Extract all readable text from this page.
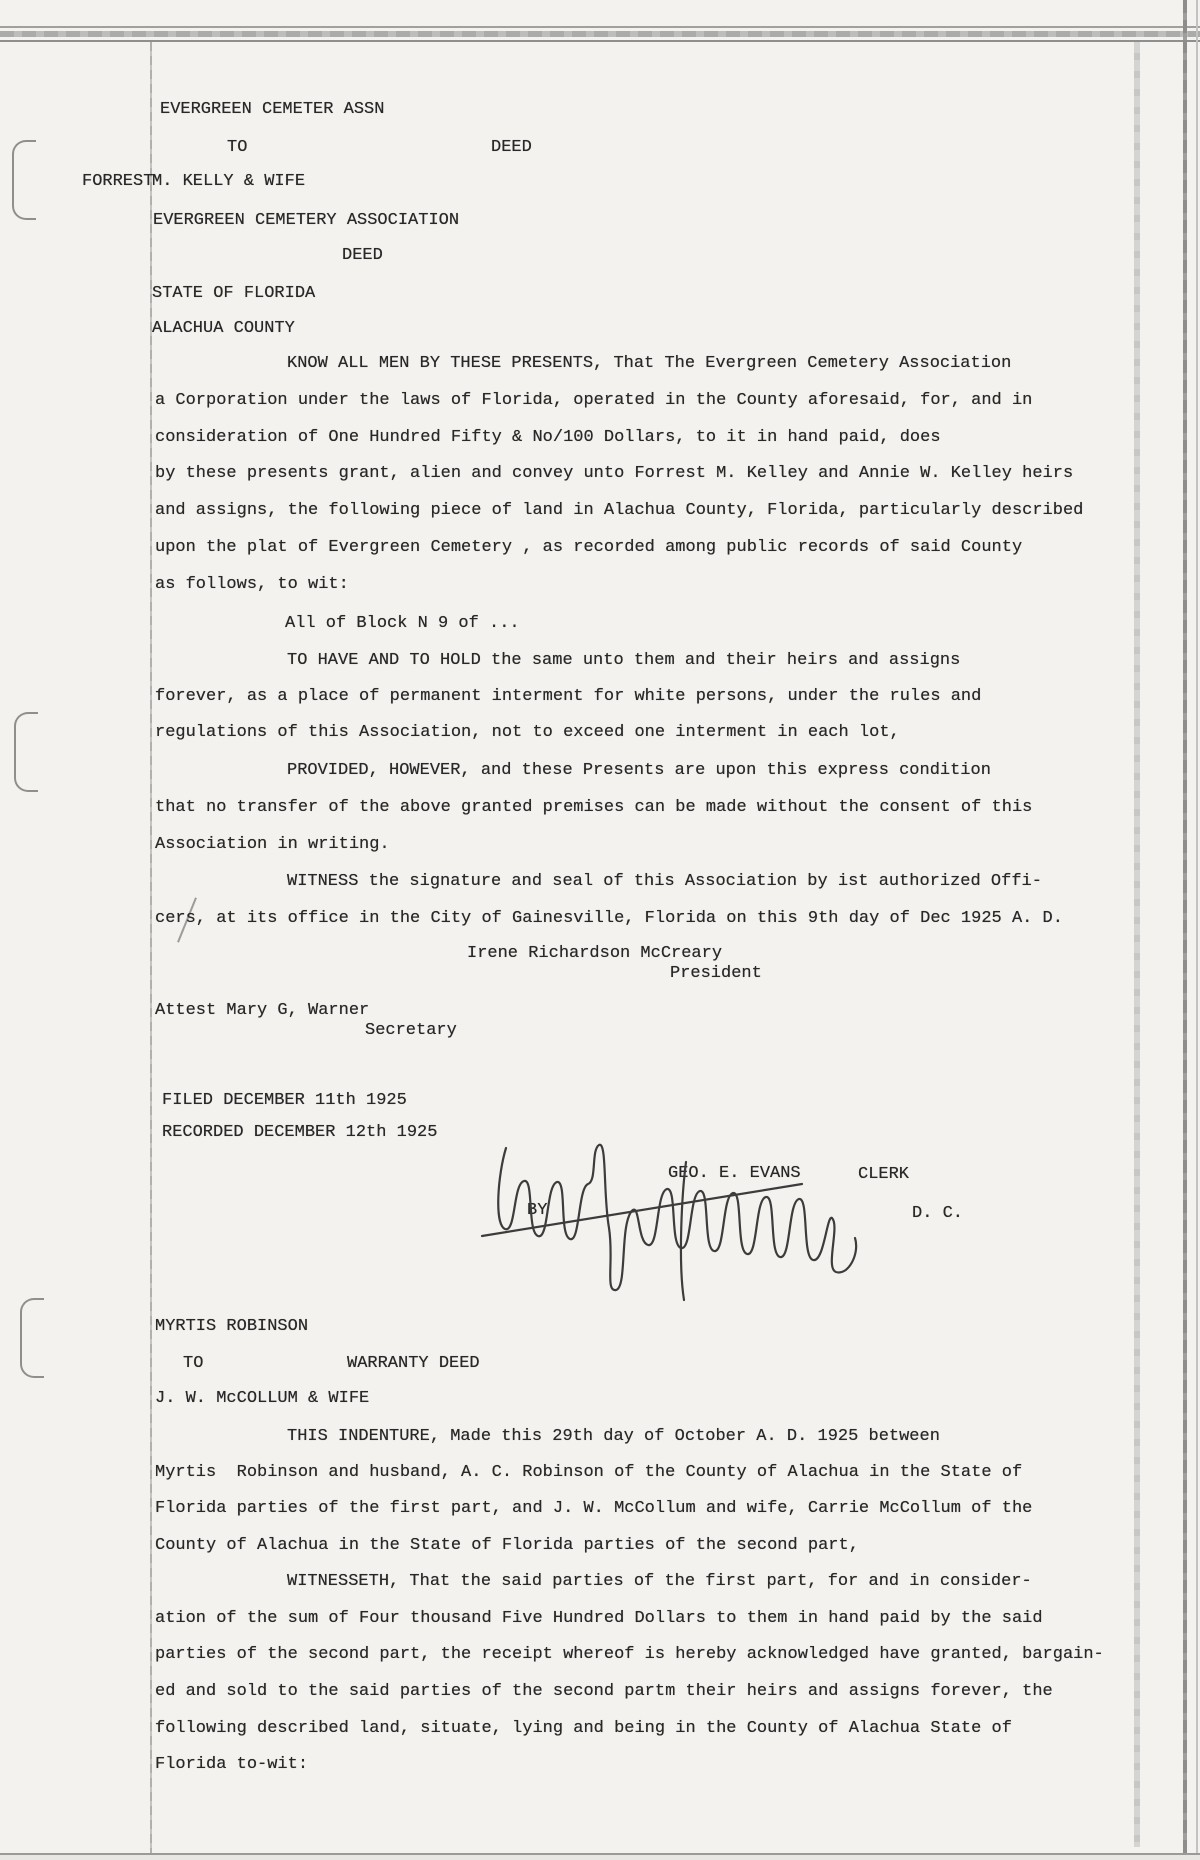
EVERGREEN CEMETER ASSN
TO	DEED
FORREST
M. KELLY & WIFE
EVERGREEN CEMETERY ASSOCIATION
DEED
STATE OF FLORIDA
ALACHUA COUNTY
KNOW ALL MEN BY THESE PRESENTS, That The Evergreen Cemetery Association
a Corporation under the laws of Florida, operated in the County aforesaid, for, and in
consideration of One Hundred Fifty & No/100 Dollars, to it in hand paid, does
by these presents grant, alien and convey unto Forrest M. Kelley and Annie W. Kelley heirs
and assigns, the following piece of land in Alachua County, Florida, particularly described
upon the plat of Evergreen Cemetery , as recorded among public records of said County
as follows, to wit:
All of Block N 9 of ...
TO HAVE AND TO HOLD the same unto them and their heirs and assigns
forever, as a place of permanent interment for white persons, under the rules and
regulations of this Association, not to exceed one interment in each lot,
PROVIDED, HOWEVER, and these Presents are upon this express condition
that no transfer of the above granted premises can be made without the consent of this
Association in writing.
WITNESS the signature and seal of this Association by ist authorized Offi-
cers, at its office in the City of Gainesville, Florida on this 9th day of Dec 1925 A. D.
Irene Richardson McCreary
President
Attest Mary G, Warner
Secretary
FILED DECEMBER 11th 1925
RECORDED DECEMBER 12th 1925
GEO. E. EVANS	CLERK
BY	D. C.
MYRTIS ROBINSON
TO	WARRANTY DEED
J. W. McCOLLUM & WIFE
THIS INDENTURE, Made this 29th day of October A. D. 1925 between
Myrtis  Robinson and husband, A. C. Robinson of the County of Alachua in the State of
Florida parties of the first part, and J. W. McCollum and wife, Carrie McCollum of the
County of Alachua in the State of Florida parties of the second part,
WITNESSETH, That the said parties of the first part, for and in consider-
ation of the sum of Four thousand Five Hundred Dollars to them in hand paid by the said
parties of the second part, the receipt whereof is hereby acknowledged have granted, bargain-
ed and sold to the said parties of the second partm their heirs and assigns forever, the
following described land, situate, lying and being in the County of Alachua State of
Florida to-wit:
